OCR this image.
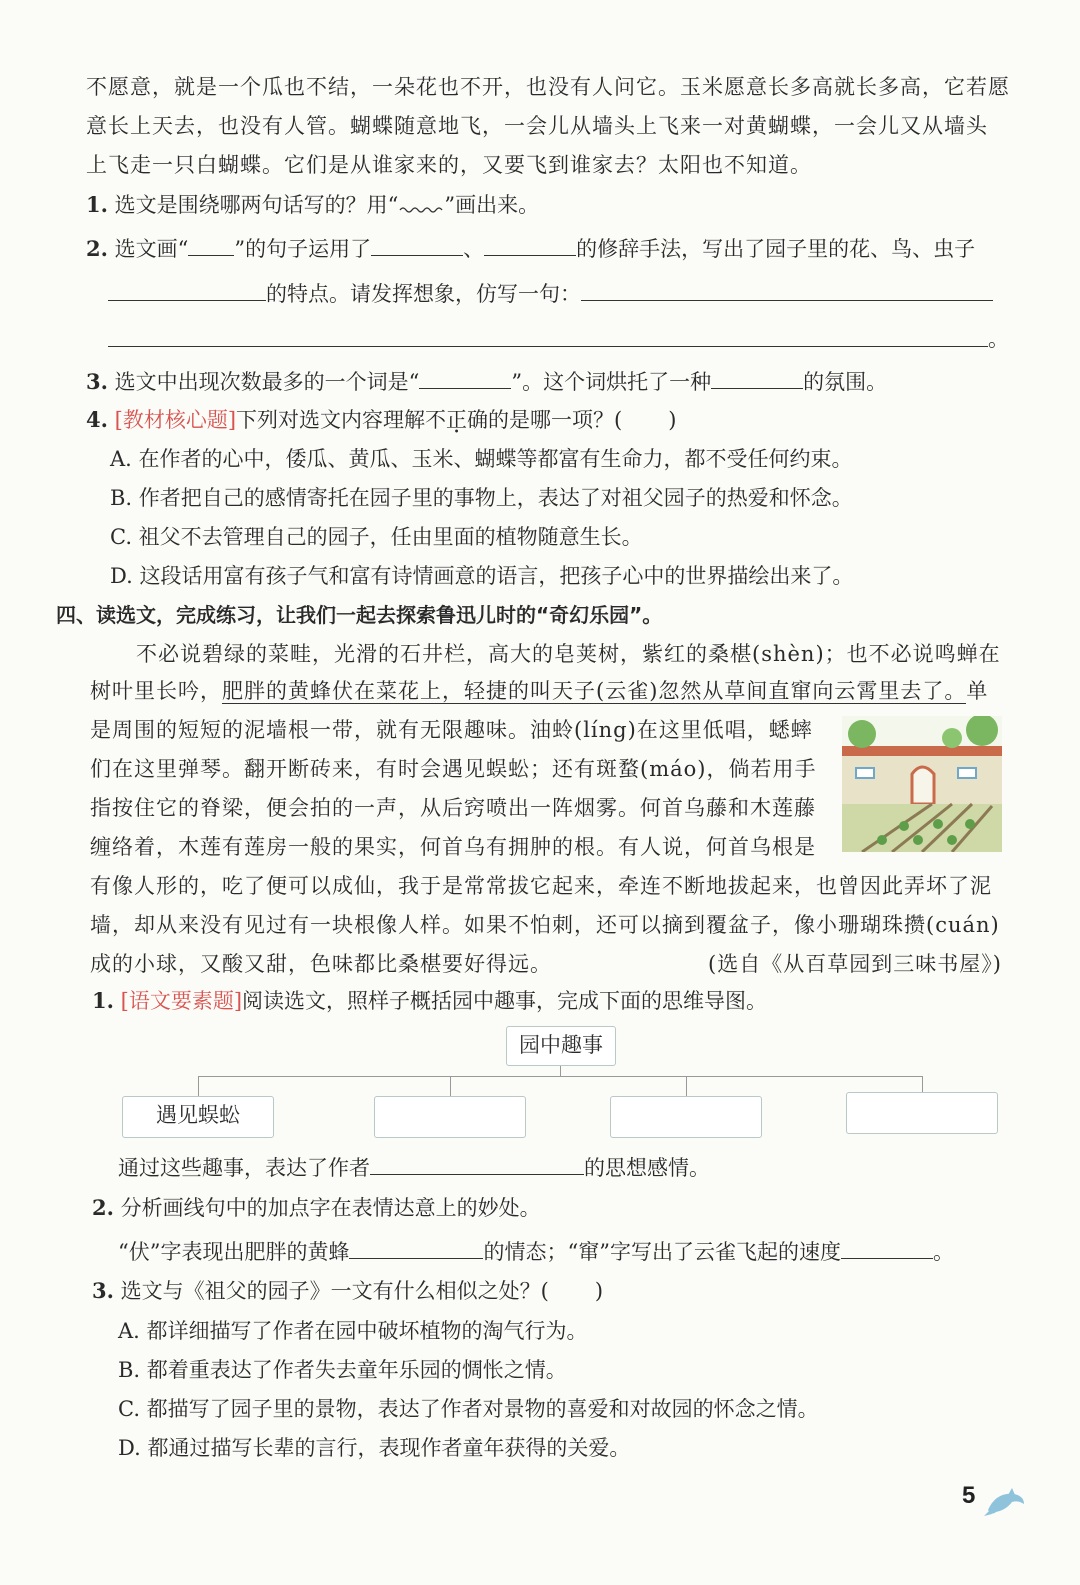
不愿意，就是一个瓜也不结，一朵花也不开，也没有人问它。玉米愿意长多高就长多高，它若愿
意长上天去，也没有人管。蝴蝶随意地飞，一会儿从墙头上飞来一对黄蝴蝶，一会儿又从墙头
上飞走一只白蝴蝶。它们是从谁家来的，又要飞到谁家去？太阳也不知道。
1. 选文是围绕哪两句话写的？用“ ”画出来。
2. 选文画“ ”的句子运用了	、	的修辞手法，写出了园子里的花、鸟、虫子
的特点。请发挥想象，仿写一句：
。
3. 选文中出现次数最多的一个词是“	”。这个词烘托了一种	的氛围。
4. [教材核心题]下列对选文内容理解不正确的是哪一项？( )
A. 在作者的心中，倭瓜、黄瓜、玉米、蝴蝶等都富有生命力，都不受任何约束。
B. 作者把自己的感情寄托在园子里的事物上，表达了对祖父园子的热爱和怀念。
C. 祖父不去管理自己的园子，任由里面的植物随意生长。
D. 这段话用富有孩子气和富有诗情画意的语言，把孩子心中的世界描绘出来了。
四、读选文，完成练习，让我们一起去探索鲁迅儿时的“奇幻乐园”。
不必说碧绿的菜畦，光滑的石井栏，高大的皂荚树，紫红的桑椹(shèn)；也不必说鸣蝉在
树叶里长吟，肥胖的黄蜂伏在菜花上，轻捷的叫天子(云雀)忽然从草间直窜向云霄里去了。单
是周围的短短的泥墙根一带，就有无限趣味。油蛉(líng)在这里低唱，蟋蟀
们在这里弹琴。翻开断砖来，有时会遇见蜈蚣；还有斑蝥(máo)，倘若用手
指按住它的脊梁，便会拍的一声，从后窍喷出一阵烟雾。何首乌藤和木莲藤
缠络着，木莲有莲房一般的果实，何首乌有拥肿的根。有人说，何首乌根是
有像人形的，吃了便可以成仙，我于是常常拔它起来，牵连不断地拔起来，也曾因此弄坏了泥
墙，却从来没有见过有一块根像人样。如果不怕刺，还可以摘到覆盆子，像小珊瑚珠攒(cuán)
成的小球，又酸又甜，色味都比桑椹要好得远。	(选自《从百草园到三味书屋》)
1. [语文要素题]阅读选文，照样子概括园中趣事，完成下面的思维导图。
园中趣事
遇见蜈蚣
通过这些趣事，表达了作者	的思想感情。
2. 分析画线句中的加点字在表情达意上的妙处。
“伏”字表现出肥胖的黄蜂	的情态；“窜”字写出了云雀飞起的速度	。
3. 选文与《祖父的园子》一文有什么相似之处？( )
A. 都详细描写了作者在园中破坏植物的淘气行为。
B. 都着重表达了作者失去童年乐园的惆怅之情。
C. 都描写了园子里的景物，表达了作者对景物的喜爱和对故园的怀念之情。
D. 都通过描写长辈的言行，表现作者童年获得的关爱。
5
